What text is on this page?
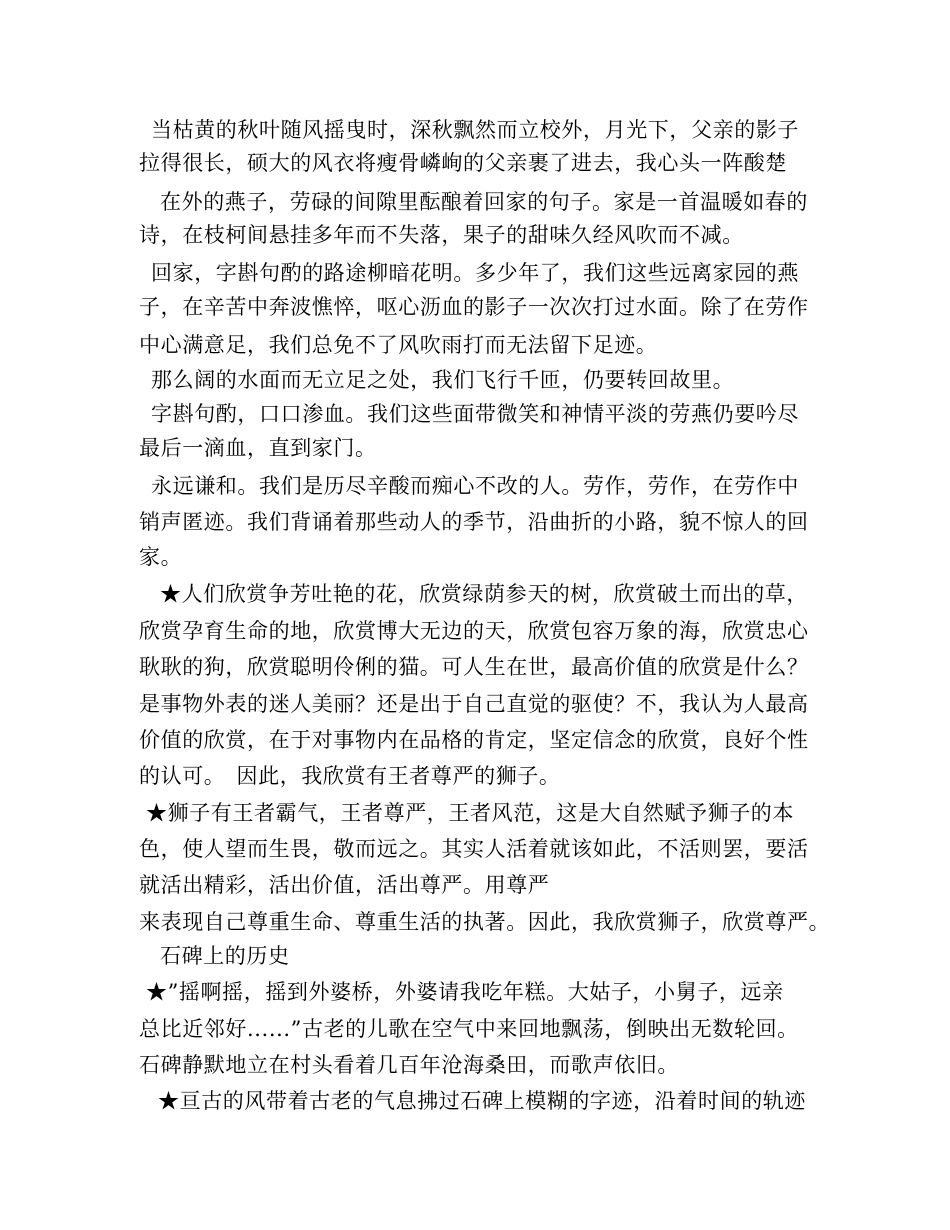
当枯黄的秋叶随风摇曳时，深秋飘然而立校外，月光下，父亲的影子
拉得很长，硕大的风衣将瘦骨嶙峋的父亲裹了进去，我心头一阵酸楚
在外的燕子，劳碌的间隙里酝酿着回家的句子。家是一首温暖如春的
诗，在枝柯间悬挂多年而不失落，果子的甜味久经风吹而不减。
回家，字斟句酌的路途柳暗花明。多少年了，我们这些远离家园的燕
子，在辛苦中奔波憔悴，呕心沥血的影子一次次打过水面。除了在劳作
中心满意足，我们总免不了风吹雨打而无法留下足迹。
那么阔的水面而无立足之处，我们飞行千匝，仍要转回故里。
字斟句酌，口口渗血。我们这些面带微笑和神情平淡的劳燕仍要吟尽
最后一滴血，直到家门。
永远谦和。我们是历尽辛酸而痴心不改的人。劳作，劳作，在劳作中
销声匿迹。我们背诵着那些动人的季节，沿曲折的小路，貌不惊人的回
家。
★人们欣赏争芳吐艳的花，欣赏绿荫参天的树，欣赏破土而出的草，
欣赏孕育生命的地，欣赏博大无边的天，欣赏包容万象的海，欣赏忠心
耿耿的狗，欣赏聪明伶俐的猫。可人生在世，最高价值的欣赏是什么？
是事物外表的迷人美丽？还是出于自己直觉的驱使？不，我认为人最高
价值的欣赏，在于对事物内在品格的肯定，坚定信念的欣赏，良好个性
的认可。　因此，我欣赏有王者尊严的狮子。
★狮子有王者霸气，王者尊严，王者风范，这是大自然赋予狮子的本
色，使人望而生畏，敬而远之。其实人活着就该如此，不活则罢，要活
就活出精彩，活出价值，活出尊严。用尊严
来表现自己尊重生命、尊重生活的执著。因此，我欣赏狮子，欣赏尊严。
石碑上的历史
★”摇啊摇，摇到外婆桥，外婆请我吃年糕。大姑子，小舅子，远亲
总比近邻好......”古老的儿歌在空气中来回地飘荡，倒映出无数轮回。
石碑静默地立在村头看着几百年沧海桑田，而歌声依旧。
★亘古的风带着古老的气息拂过石碑上模糊的字迹，沿着时间的轨迹
